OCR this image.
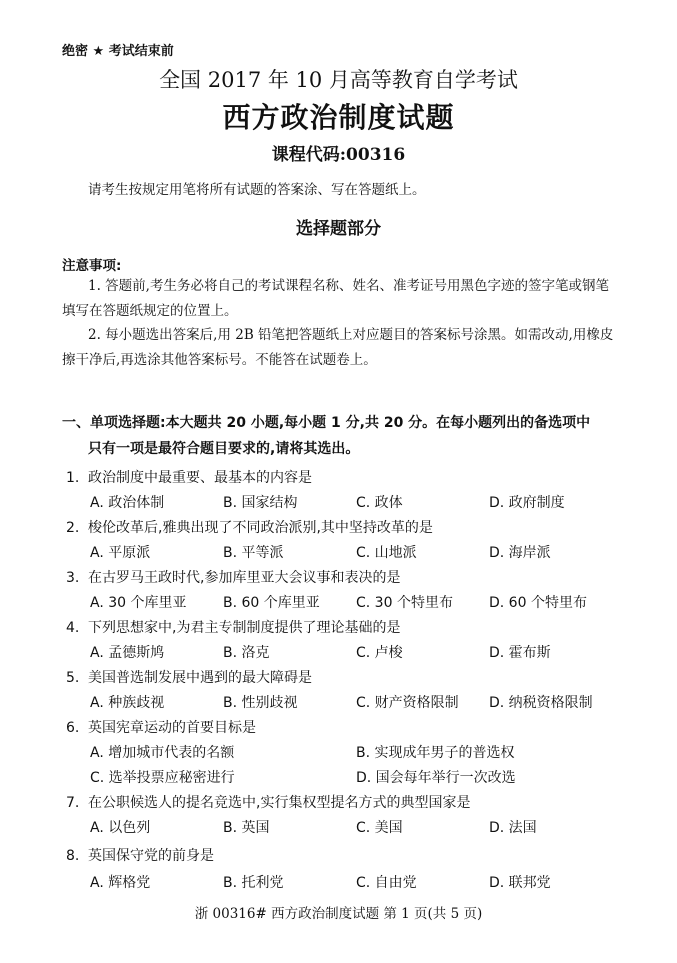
绝密 ★ 考试结束前
全国 2017 年 10 月高等教育自学考试
西方政治制度试题
课程代码:00316
请考生按规定用笔将所有试题的答案涂、写在答题纸上。
选择题部分
注意事项:
1. 答题前,考生务必将自己的考试课程名称、姓名、准考证号用黑色字迹的签字笔或钢笔填写在答题纸规定的位置上。
2. 每小题选出答案后,用 2B 铅笔把答题纸上对应题目的答案标号涂黑。如需改动,用橡皮擦干净后,再选涂其他答案标号。不能答在试题卷上。
一、单项选择题:本大题共 20 小题,每小题 1 分,共 20 分。在每小题列出的备选项中
只有一项是最符合题目要求的,请将其选出。
1. 政治制度中最重要、最基本的内容是
A. 政治体制	B. 国家结构	C. 政体	D. 政府制度
2. 梭伦改革后,雅典出现了不同政治派别,其中坚持改革的是
A. 平原派	B. 平等派	C. 山地派	D. 海岸派
3. 在古罗马王政时代,参加库里亚大会议事和表决的是
A. 30 个库里亚	B. 60 个库里亚	C. 30 个特里布	D. 60 个特里布
4. 下列思想家中,为君主专制制度提供了理论基础的是
A. 孟德斯鸠	B. 洛克	C. 卢梭	D. 霍布斯
5. 美国普选制发展中遇到的最大障碍是
A. 种族歧视	B. 性别歧视	C. 财产资格限制 D. 纳税资格限制
6. 英国宪章运动的首要目标是
A. 增加城市代表的名额	B. 实现成年男子的普选权
C. 选举投票应秘密进行	D. 国会每年举行一次改选
7. 在公职候选人的提名竞选中,实行集权型提名方式的典型国家是
A. 以色列	B. 英国	C. 美国	D. 法国
8. 英国保守党的前身是
A. 辉格党	B. 托利党	C. 自由党	D. 联邦党
浙 00316# 西方政治制度试题 第 1 页(共 5 页)
